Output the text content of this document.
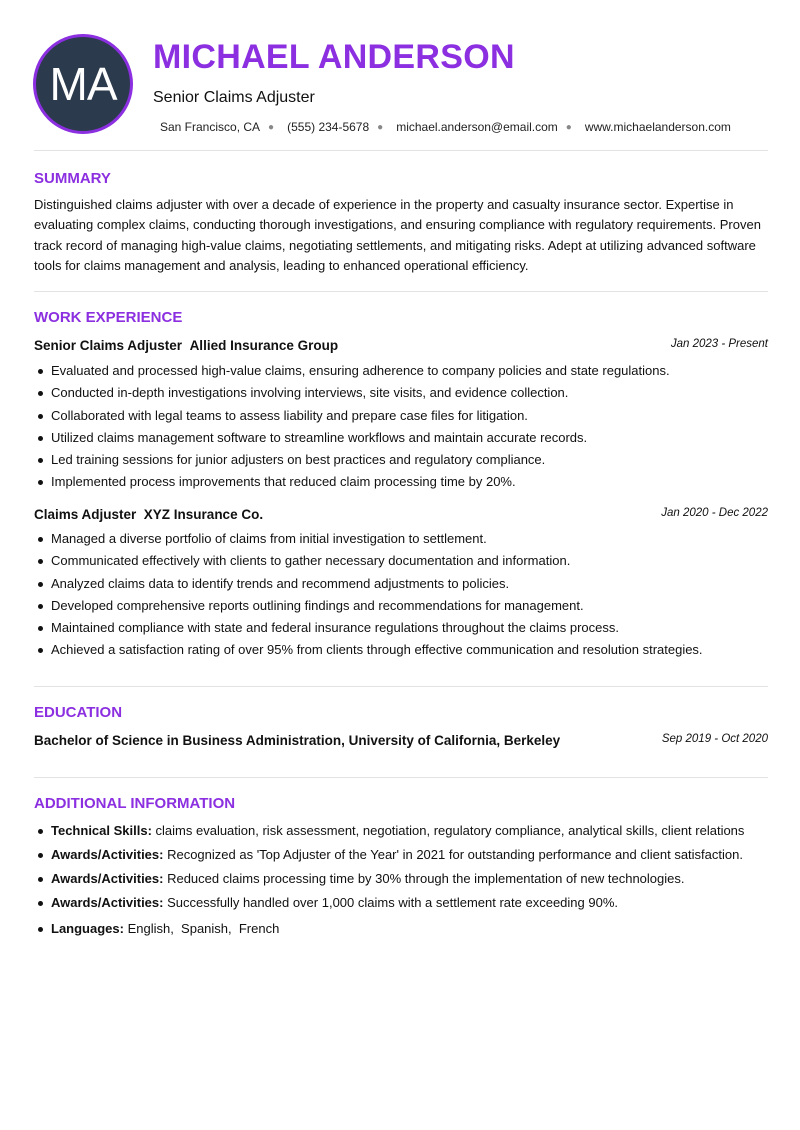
MA
MICHAEL ANDERSON
Senior Claims Adjuster
San Francisco, CA ● (555) 234-5678 ● michael.anderson@email.com ● www.michaelanderson.com
SUMMARY

Distinguished claims adjuster with over a decade of experience in the property and casualty insurance sector. Expertise in evaluating complex claims, conducting thorough investigations, and ensuring compliance with regulatory requirements. Proven track record of managing high-value claims, negotiating settlements, and mitigating risks. Adept at utilizing advanced software tools for claims management and analysis, leading to enhanced operational efficiency.

WORK EXPERIENCE
Senior Claims Adjuster Allied Insurance Group	Jan 2023 - Present
Evaluated and processed high-value claims, ensuring adherence to company policies and state regulations.
Conducted in-depth investigations involving interviews, site visits, and evidence collection.
Collaborated with legal teams to assess liability and prepare case files for litigation.
Utilized claims management software to streamline workflows and maintain accurate records.
Led training sessions for junior adjusters on best practices and regulatory compliance.
Implemented process improvements that reduced claim processing time by 20%.
Claims Adjuster XYZ Insurance Co.	Jan 2020 - Dec 2022
Managed a diverse portfolio of claims from initial investigation to settlement.
Communicated effectively with clients to gather necessary documentation and information.
Analyzed claims data to identify trends and recommend adjustments to policies.
Developed comprehensive reports outlining findings and recommendations for management.
Maintained compliance with state and federal insurance regulations throughout the claims process.
Achieved a satisfaction rating of over 95% from clients through effective communication and resolution strategies.
EDUCATION
Bachelor of Science in Business Administration, University of California, Berkeley	Sep 2019 - Oct 2020
ADDITIONAL INFORMATION
Technical Skills: claims evaluation, risk assessment, negotiation, regulatory compliance, analytical skills, client relations
Awards/Activities: Recognized as 'Top Adjuster of the Year' in 2021 for outstanding performance and client satisfaction.
Awards/Activities: Reduced claims processing time by 30% through the implementation of new technologies.
Awards/Activities: Successfully handled over 1,000 claims with a settlement rate exceeding 90%.
Languages: English,  Spanish,  French
